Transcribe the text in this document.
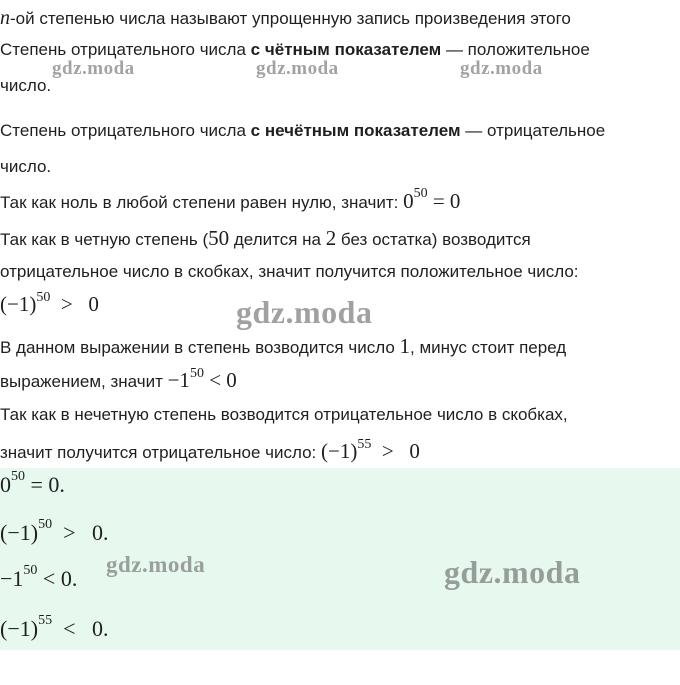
n-ой степенью числа называют упрощенную запись произведения этого
Степень отрицательного числа с чётным показателем — положительное
число.
Степень отрицательного числа с нечётным показателем — отрицательное
число.
Так как ноль в любой степени равен нулю, значит: $0^{50} = 0$
Так как в четную степень (50 делится на 2 без остатка) возводится
отрицательное число в скобках, значит получится положительное число:
$(-1)^{50} > 0$
В данном выражении в степень возводится число 1, минус стоит перед
выражением, значит $-1^{50} < 0$
Так как в нечетную степень возводится отрицательное число в скобках,
значит получится отрицательное число: $(-1)^{55} > 0$
$0^{50} = 0$.
$(-1)^{50} > 0$.
$-1^{50} < 0$.
$(-1)^{55} < 0$.
gdz.moda	gdz.moda	gdz.moda
gdz.moda
gdz.moda	gdz.moda
